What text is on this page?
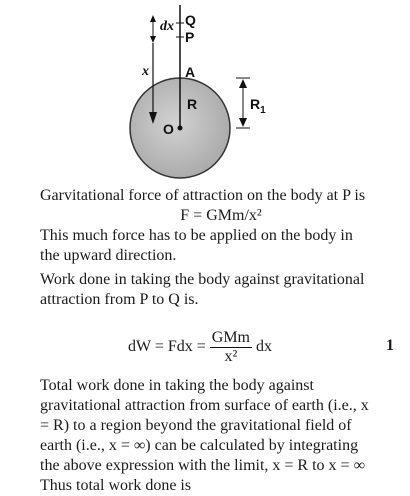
Q
P
dx
x	A
R	$R_1$
O
Garvitational force of attraction on the body at P is
F = GMm/x²
This much force has to be applied on the body in
the upward direction.
Work done in taking the body against gravitational
attraction from P to Q is.
dW = Fdx = $\frac{\text{GMm}}{\text{x²}}$ dx	1
Total work done in taking the body against
gravitational attraction from surface of earth (i.e., x
= R) to a region beyond the gravitational field of
earth (i.e., x = ∞) can be calculated by integrating
the above expression with the limit, x = R to x = ∞
Thus total work done is
